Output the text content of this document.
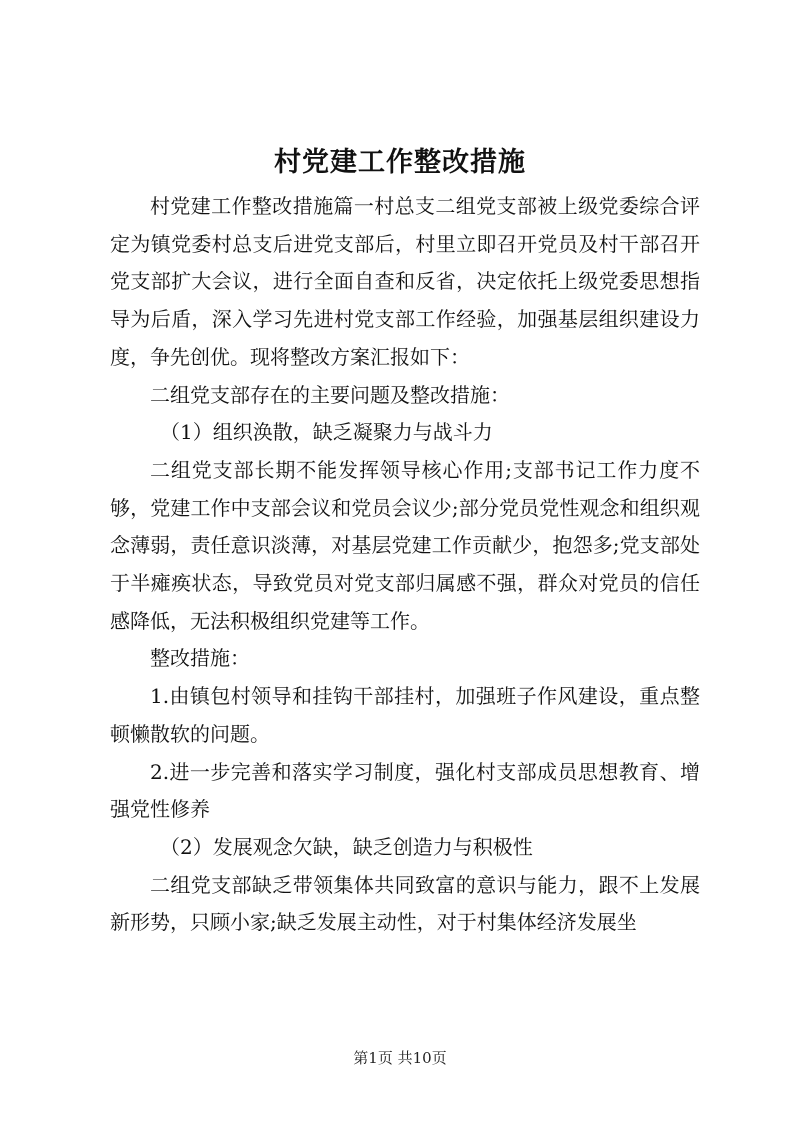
村党建工作整改措施

村党建工作整改措施篇一村总支二组党支部被上级党委综合评定为镇党委村总支后进党支部后，村里立即召开党员及村干部召开党支部扩大会议，进行全面自查和反省，决定依托上级党委思想指导为后盾，深入学习先进村党支部工作经验，加强基层组织建设力度，争先创优。现将整改方案汇报如下：

二组党支部存在的主要问题及整改措施：

（1）组织涣散，缺乏凝聚力与战斗力

二组党支部长期不能发挥领导核心作用;支部书记工作力度不够，党建工作中支部会议和党员会议少;部分党员党性观念和组织观念薄弱，责任意识淡薄，对基层党建工作贡献少，抱怨多;党支部处于半瘫痪状态，导致党员对党支部归属感不强，群众对党员的信任感降低，无法积极组织党建等工作。

整改措施：

1.由镇包村领导和挂钩干部挂村，加强班子作风建设，重点整顿懒散软的问题。

2.进一步完善和落实学习制度，强化村支部成员思想教育、增强党性修养

（2）发展观念欠缺，缺乏创造力与积极性

二组党支部缺乏带领集体共同致富的意识与能力，跟不上发展新形势，只顾小家;缺乏发展主动性，对于村集体经济发展坐

第1页 共10页
